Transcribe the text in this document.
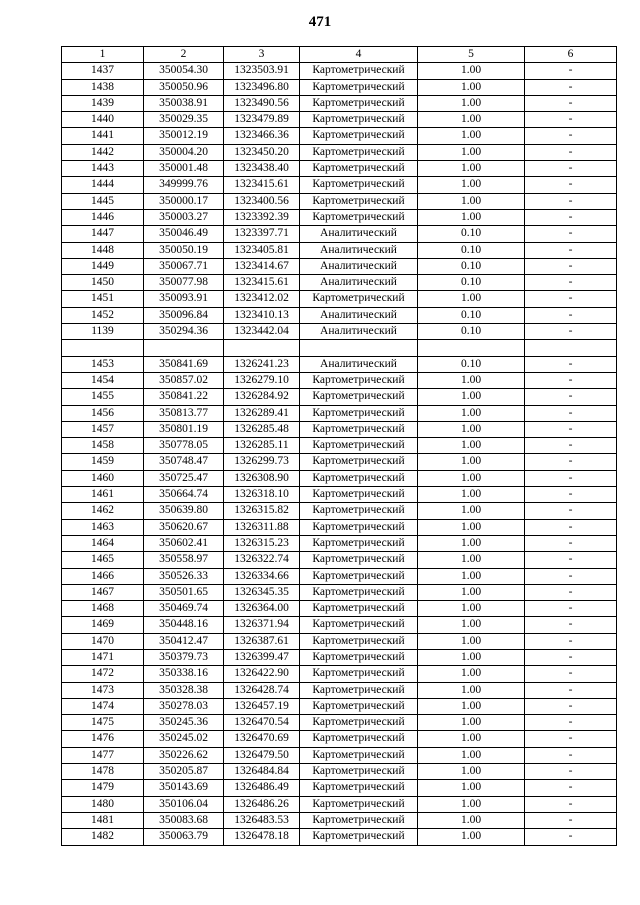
471
1	2	3	4	5	6
1437	350054.30	1323503.91	Картометрический	1.00	-
1438	350050.96	1323496.80	Картометрический	1.00	-
1439	350038.91	1323490.56	Картометрический	1.00	-
1440	350029.35	1323479.89	Картометрический	1.00	-
1441	350012.19	1323466.36	Картометрический	1.00	-
1442	350004.20	1323450.20	Картометрический	1.00	-
1443	350001.48	1323438.40	Картометрический	1.00	-
1444	349999.76	1323415.61	Картометрический	1.00	-
1445	350000.17	1323400.56	Картометрический	1.00	-
1446	350003.27	1323392.39	Картометрический	1.00	-
1447	350046.49	1323397.71	Аналитический	0.10	-
1448	350050.19	1323405.81	Аналитический	0.10	-
1449	350067.71	1323414.67	Аналитический	0.10	-
1450	350077.98	1323415.61	Аналитический	0.10	-
1451	350093.91	1323412.02	Картометрический	1.00	-
1452	350096.84	1323410.13	Аналитический	0.10	-
1139	350294.36	1323442.04	Аналитический	0.10	-

1453	350841.69	1326241.23	Аналитический	0.10	-
1454	350857.02	1326279.10	Картометрический	1.00	-
1455	350841.22	1326284.92	Картометрический	1.00	-
1456	350813.77	1326289.41	Картометрический	1.00	-
1457	350801.19	1326285.48	Картометрический	1.00	-
1458	350778.05	1326285.11	Картометрический	1.00	-
1459	350748.47	1326299.73	Картометрический	1.00	-
1460	350725.47	1326308.90	Картометрический	1.00	-
1461	350664.74	1326318.10	Картометрический	1.00	-
1462	350639.80	1326315.82	Картометрический	1.00	-
1463	350620.67	1326311.88	Картометрический	1.00	-
1464	350602.41	1326315.23	Картометрический	1.00	-
1465	350558.97	1326322.74	Картометрический	1.00	-
1466	350526.33	1326334.66	Картометрический	1.00	-
1467	350501.65	1326345.35	Картометрический	1.00	-
1468	350469.74	1326364.00	Картометрический	1.00	-
1469	350448.16	1326371.94	Картометрический	1.00	-
1470	350412.47	1326387.61	Картометрический	1.00	-
1471	350379.73	1326399.47	Картометрический	1.00	-
1472	350338.16	1326422.90	Картометрический	1.00	-
1473	350328.38	1326428.74	Картометрический	1.00	-
1474	350278.03	1326457.19	Картометрический	1.00	-
1475	350245.36	1326470.54	Картометрический	1.00	-
1476	350245.02	1326470.69	Картометрический	1.00	-
1477	350226.62	1326479.50	Картометрический	1.00	-
1478	350205.87	1326484.84	Картометрический	1.00	-
1479	350143.69	1326486.49	Картометрический	1.00	-
1480	350106.04	1326486.26	Картометрический	1.00	-
1481	350083.68	1326483.53	Картометрический	1.00	-
1482	350063.79	1326478.18	Картометрический	1.00	-
